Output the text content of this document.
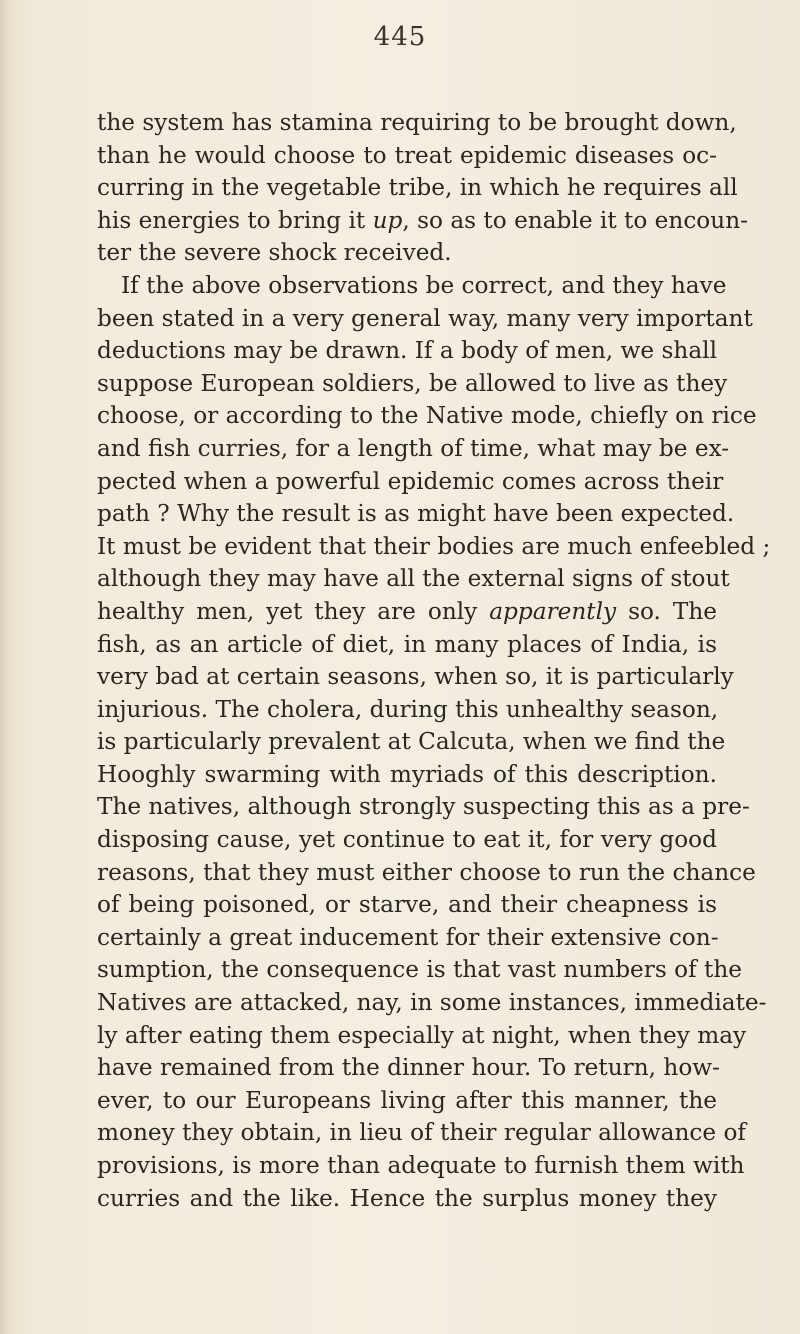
445
the system has stamina requiring to be brought down,
than he would choose to treat epidemic diseases oc-
curring in the vegetable tribe, in which he requires all
his energies to bring it up, so as to enable it to encoun-
ter the severe shock received.
If the above observations be correct, and they have
been stated in a very general way, many very important
deductions may be drawn. If a body of men, we shall
suppose European soldiers, be allowed to live as they
choose, or according to the Native mode, chiefly on rice
and fish curries, for a length of time, what may be ex-
pected when a powerful epidemic comes across their
path ? Why the result is as might have been expected.
It must be evident that their bodies are much enfeebled ;
although they may have all the external signs of stout
healthy men, yet they are only apparently so. The
fish, as an article of diet, in many places of India, is
very bad at certain seasons, when so, it is particularly
injurious. The cholera, during this unhealthy season,
is particularly prevalent at Calcuta, when we find the
Hooghly swarming with myriads of this description.
The natives, although strongly suspecting this as a pre-
disposing cause, yet continue to eat it, for very good
reasons, that they must either choose to run the chance
of being poisoned, or starve, and their cheapness is
certainly a great inducement for their extensive con-
sumption, the consequence is that vast numbers of the
Natives are attacked, nay, in some instances, immediate-
ly after eating them especially at night, when they may
have remained from the dinner hour. To return, how-
ever, to our Europeans living after this manner, the
money they obtain, in lieu of their regular allowance of
provisions, is more than adequate to furnish them with
curries and the like. Hence the surplus money they
